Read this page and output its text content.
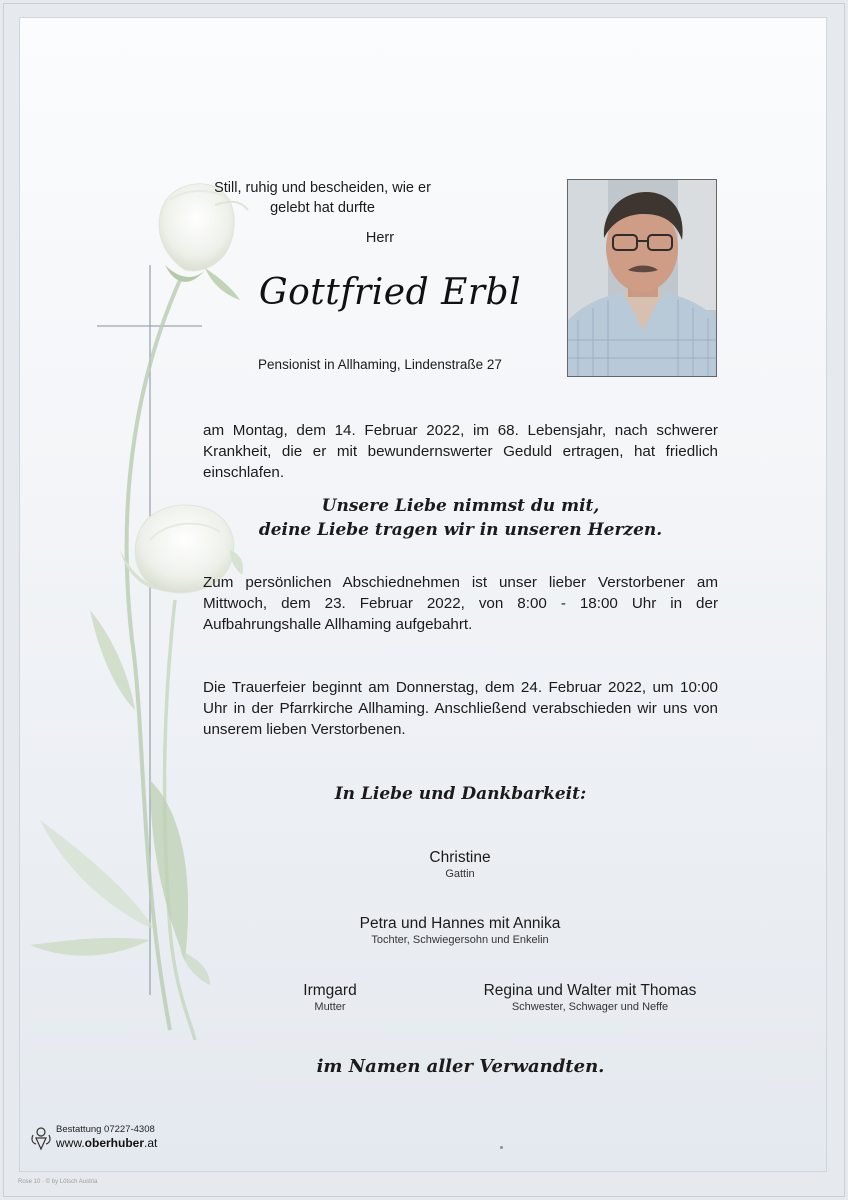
Still, ruhig und bescheiden, wie er gelebt hat durfte
Herr
Gottfried Erbl
Pensionist in Allhaming, Lindenstraße 27
am Montag, dem 14. Februar 2022, im 68. Lebensjahr, nach schwerer Krankheit, die er mit bewundernswerter Geduld ertragen, hat friedlich einschlafen.
Unsere Liebe nimmst du mit,
deine Liebe tragen wir in unseren Herzen.
Zum persönlichen Abschiednehmen ist unser lieber Verstorbener am Mittwoch, dem 23. Februar 2022, von 8:00 - 18:00 Uhr in der Aufbahrungshalle Allhaming aufgebahrt.
Die Trauerfeier beginnt am Donnerstag, dem 24. Februar 2022, um 10:00 Uhr in der Pfarrkirche Allhaming. Anschließend verabschieden wir uns von unserem lieben Verstorbenen.
In Liebe und Dankbarkeit:
Christine
Gattin
Petra und Hannes mit Annika
Tochter, Schwiegersohn und Enkelin
Irmgard
Mutter
Regina und Walter mit Thomas
Schwester, Schwager und Neffe
im Namen aller Verwandten.
Bestattung 07227-4308
www.oberhuber.at
Rose 10 · © by Lötsch Austria
